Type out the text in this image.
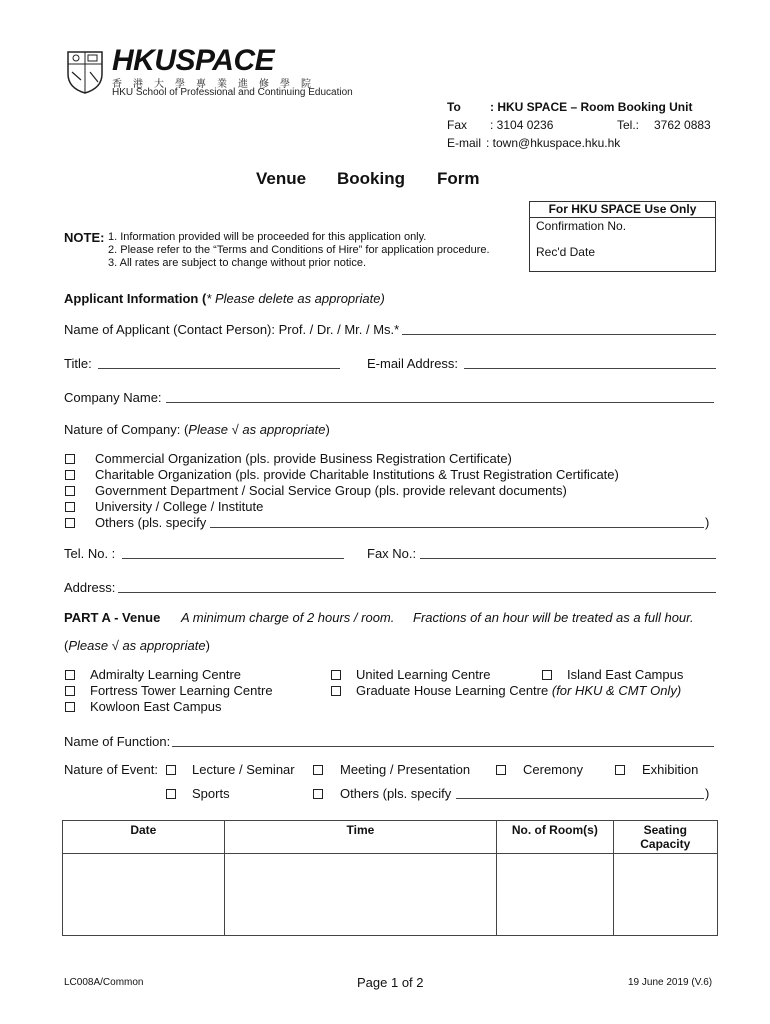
HKUSPACE
香港大學專業進修學院
HKU School of Professional and Continuing Education
To : HKU SPACE – Room Booking Unit
Fax : 3104 0236	Tel.: 3762 0883
E-mail : town@hkuspace.hku.hk
Venue Booking Form
For HKU SPACE Use Only
Confirmation No.
Rec'd Date
NOTE: 1. Information provided will be proceeded for this application only.
2. Please refer to the “Terms and Conditions of Hire” for application procedure.
3. All rates are subject to change without prior notice.
Applicant Information (* Please delete as appropriate)
Name of Applicant (Contact Person): Prof. / Dr. / Mr. / Ms.*
Title:	E-mail Address:
Company Name:
Nature of Company: (Please √ as appropriate)
Commercial Organization (pls. provide Business Registration Certificate)
Charitable Organization (pls. provide Charitable Institutions & Trust Registration Certificate)
Government Department / Social Service Group (pls. provide relevant documents)
University / College / Institute
Others (pls. specify	)
Tel. No. :	Fax No.:
Address:
PART A - Venue A minimum charge of 2 hours / room. Fractions of an hour will be treated as a full hour.
(Please √ as appropriate)
Admiralty Learning Centre	United Learning Centre	Island East Campus
Fortress Tower Learning Centre	Graduate House Learning Centre (for HKU & CMT Only)
Kowloon East Campus
Name of Function:
Nature of Event:	Lecture / Seminar	Meeting / Presentation	Ceremony	Exhibition
Sports	Others (pls. specify	)
Date	Time	No. of Room(s)	Seating
Capacity

LC008A/Common	Page 1 of 2	19 June 2019 (V.6)
